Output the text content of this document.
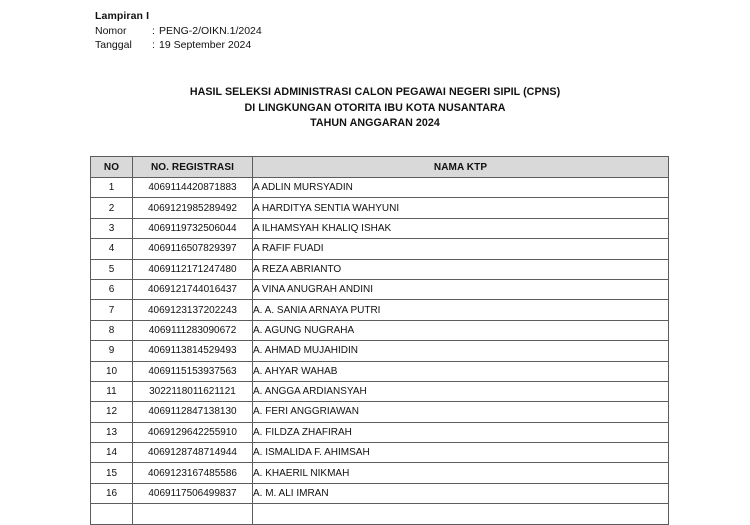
Lampiran I
Nomor	: PENG-2/OIKN.1/2024
Tanggal	: 19 September 2024
HASIL SELEKSI ADMINISTRASI CALON PEGAWAI NEGERI SIPIL (CPNS)
DI LINGKUNGAN OTORITA IBU KOTA NUSANTARA
TAHUN ANGGARAN 2024
NO	NO. REGISTRASI	NAMA KTP
1	4069114420871883	A ADLIN MURSYADIN
2	4069121985289492	A HARDITYA SENTIA WAHYUNI
3	4069119732506044	A ILHAMSYAH KHALIQ ISHAK
4	4069116507829397	A RAFIF FUADI
5	4069112171247480	A REZA ABRIANTO
6	4069121744016437	A VINA ANUGRAH ANDINI
7	4069123137202243	A. A. SANIA ARNAYA PUTRI
8	4069111283090672	A. AGUNG NUGRAHA
9	4069113814529493	A. AHMAD MUJAHIDIN
10	4069115153937563	A. AHYAR WAHAB
11	3022118011621121	A. ANGGA ARDIANSYAH
12	4069112847138130	A. FERI ANGGRIAWAN
13	4069129642255910	A. FILDZA ZHAFIRAH
14	4069128748714944	A. ISMALIDA F. AHIMSAH
15	4069123167485586	A. KHAERIL NIKMAH
16	4069117506499837	A. M. ALI IMRAN
